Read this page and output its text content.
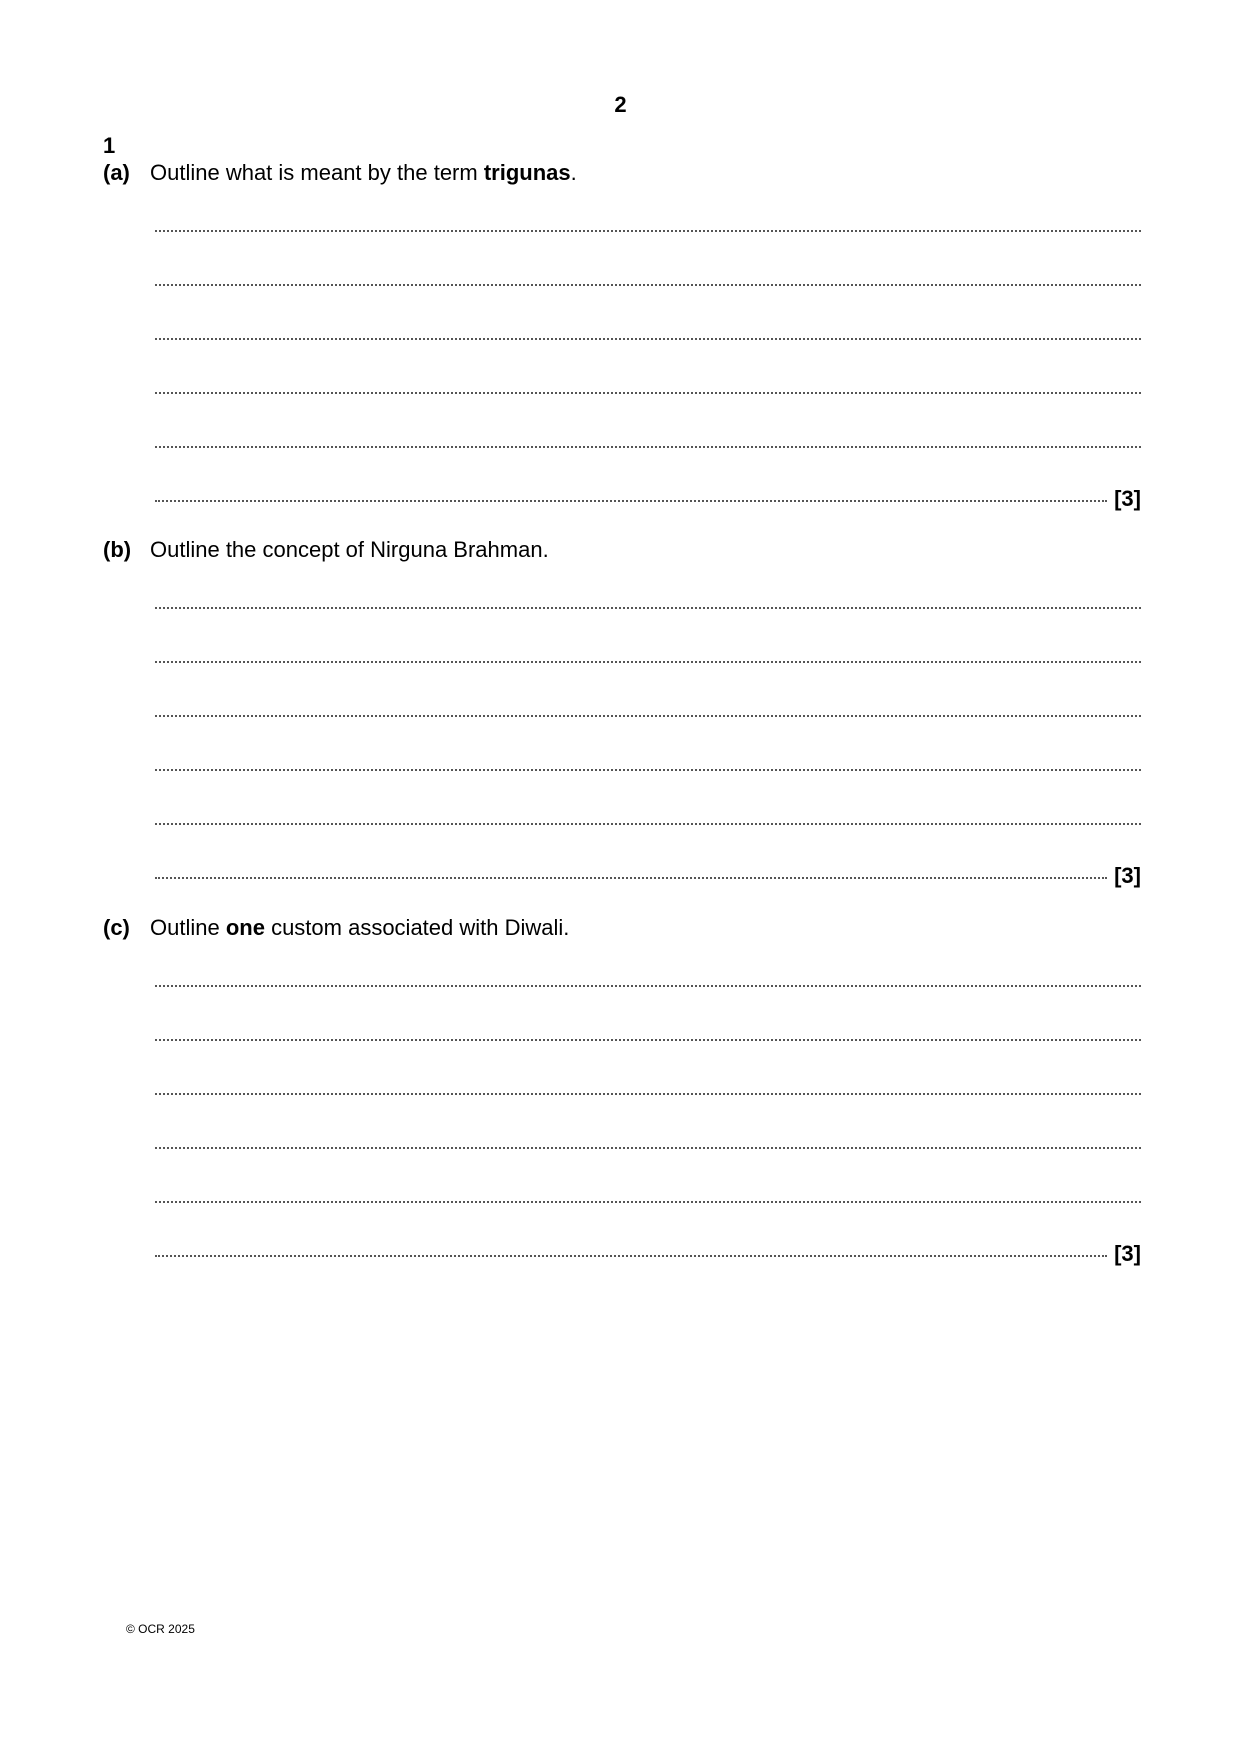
2
1
(a) Outline what is meant by the term trigunas.
[3]
(b) Outline the concept of Nirguna Brahman.
[3]
(c) Outline one custom associated with Diwali.
[3]
© OCR 2025
